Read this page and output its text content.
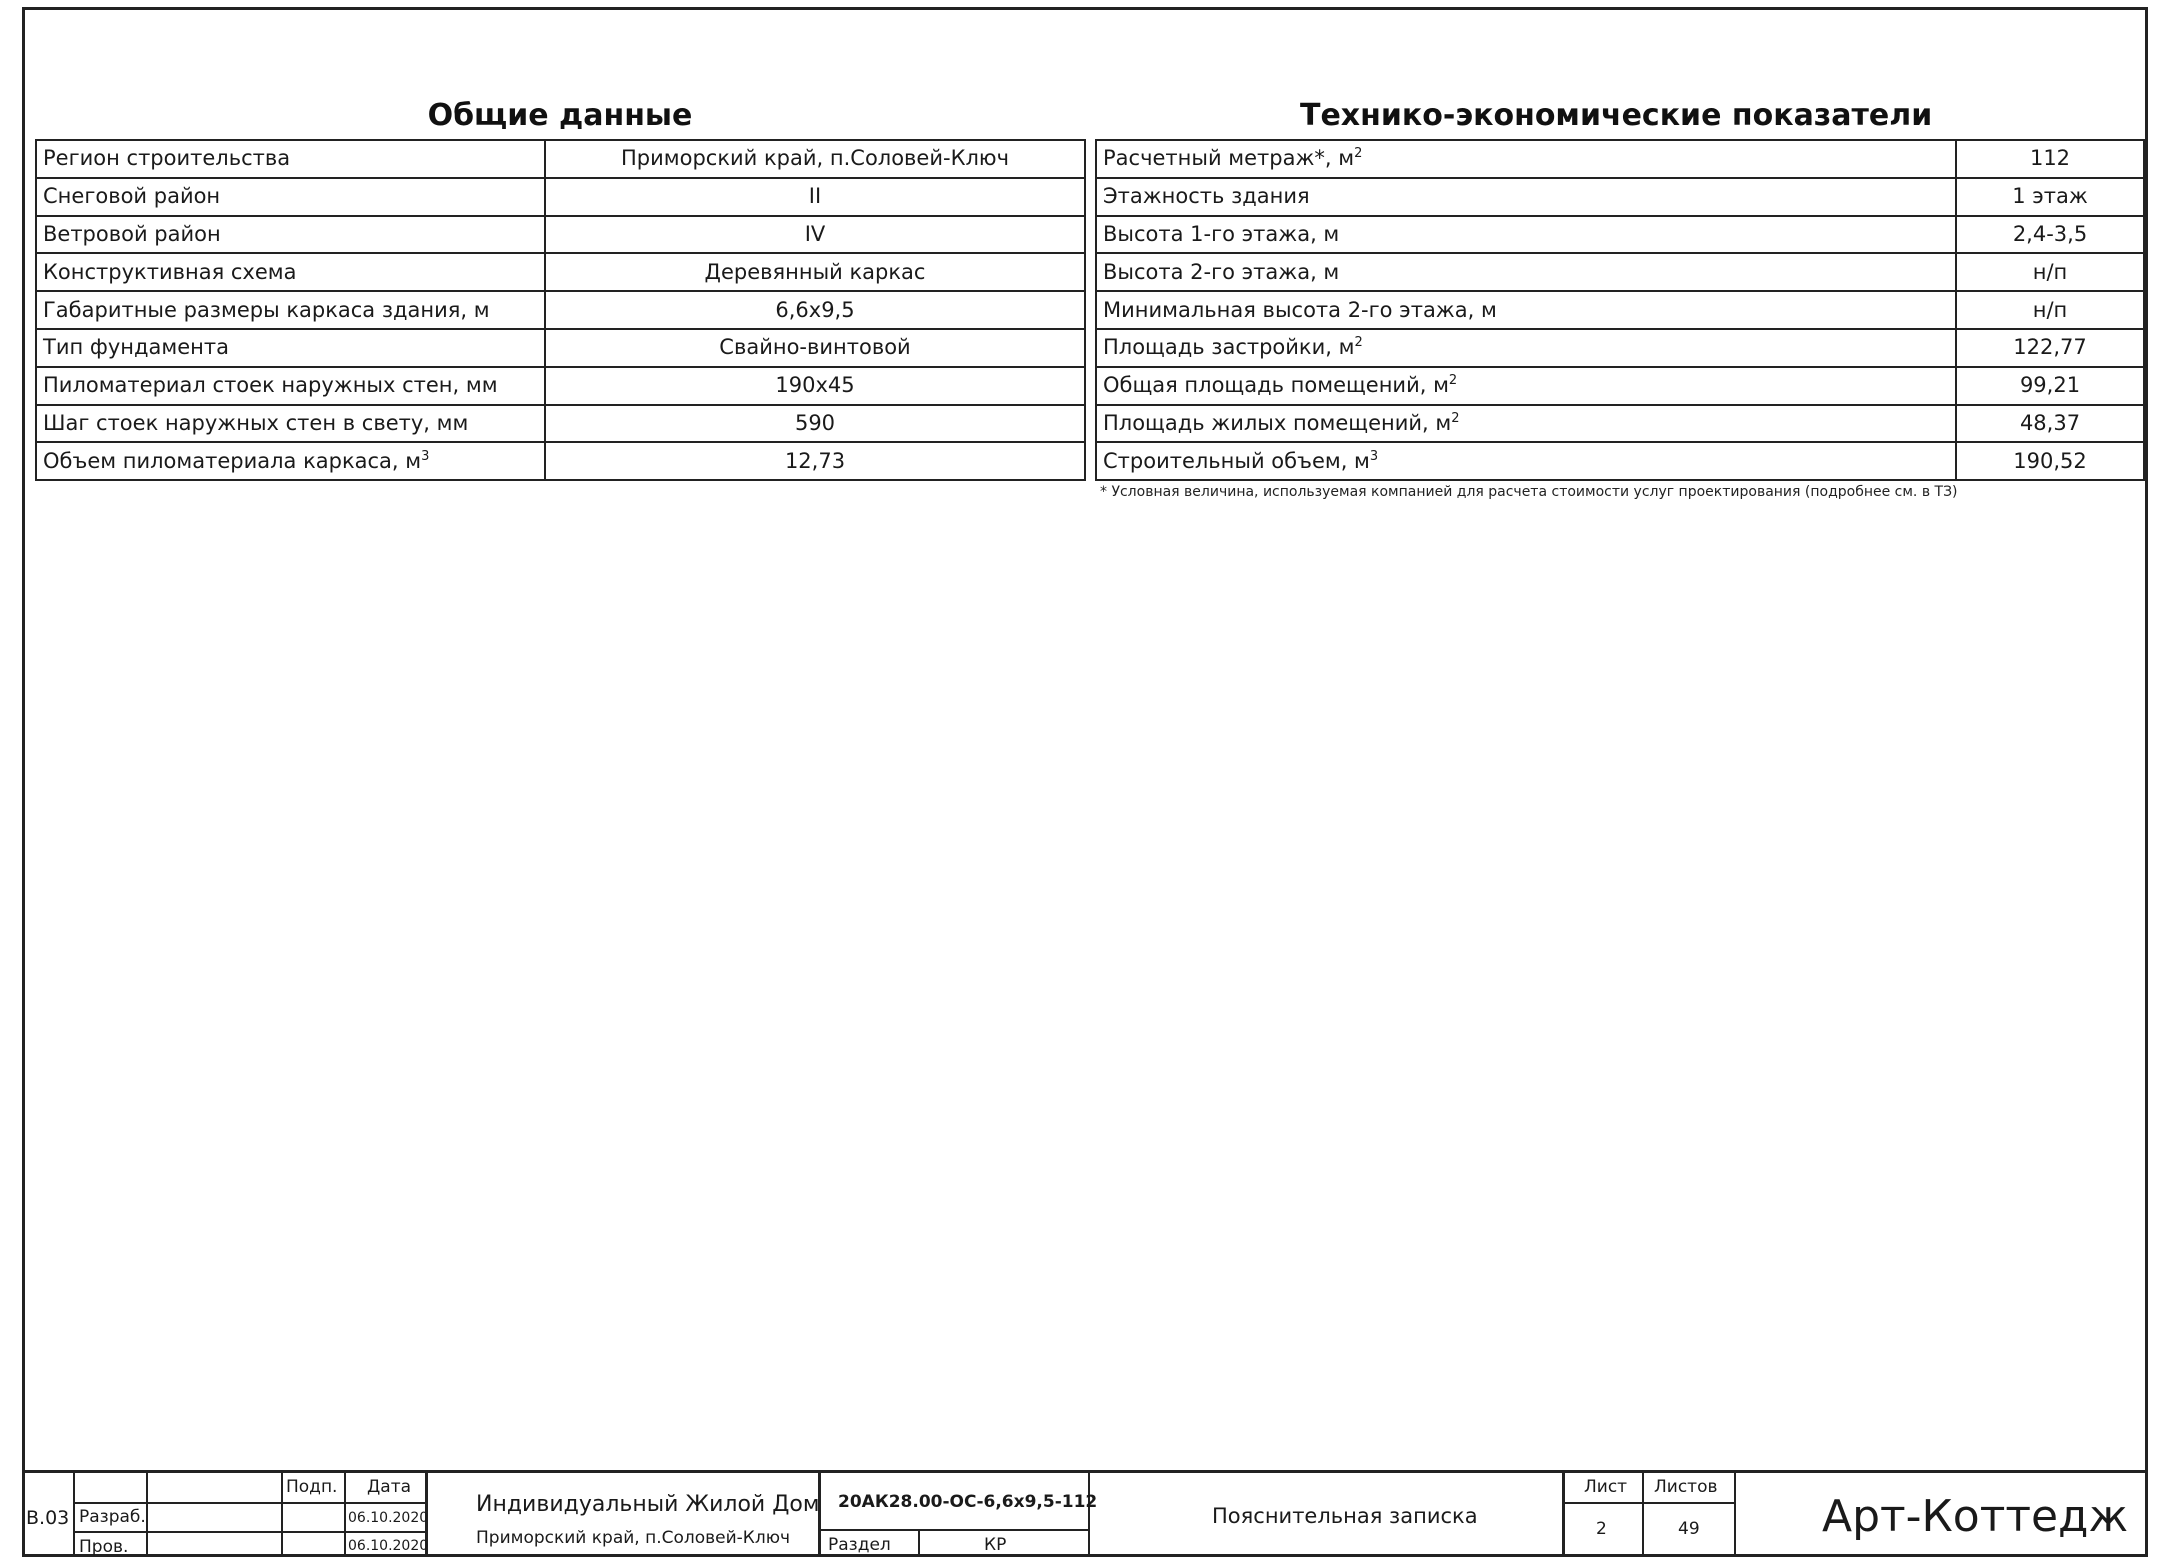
Общие данные	Технико-экономические показатели
Регион строительства	Приморский край, п.Соловей-Ключ
Снеговой район	II
Ветровой район	IV
Конструктивная схема	Деревянный каркас
Габаритные размеры каркаса здания, м	6,6х9,5
Тип фундамента	Свайно-винтовой
Пиломатериал стоек наружных стен, мм	190х45
Шаг стоек наружных стен в свету, мм	590
Объем пиломатериала каркаса, $м^3$	12,73
Расчетный метраж*, $м^2$	112
Этажность здания	1 этаж
Высота 1-го этажа, м	2,4-3,5
Высота 2-го этажа, м	н/п
Минимальная высота 2-го этажа, м	н/п
Площадь застройки, $м^2$	122,77
Общая площадь помещений, $м^2$	99,21
Площадь жилых помещений, $м^2$	48,37
Строительный объем, $м^3$	190,52
* Условная величина, используемая компанией для расчета стоимости услуг проектирования (подробнее см. в ТЗ)
В.03
Подп. Дата
Разраб.
Пров.
06.10.2020
06.10.2020
Индивидуальный Жилой Дом
Приморский край, п.Соловей-Ключ
20АК28.00-ОС-6,6х9,5-112
Раздел	КР
Пояснительная записка
Лист Листов
2	49	Арт-Коттедж
